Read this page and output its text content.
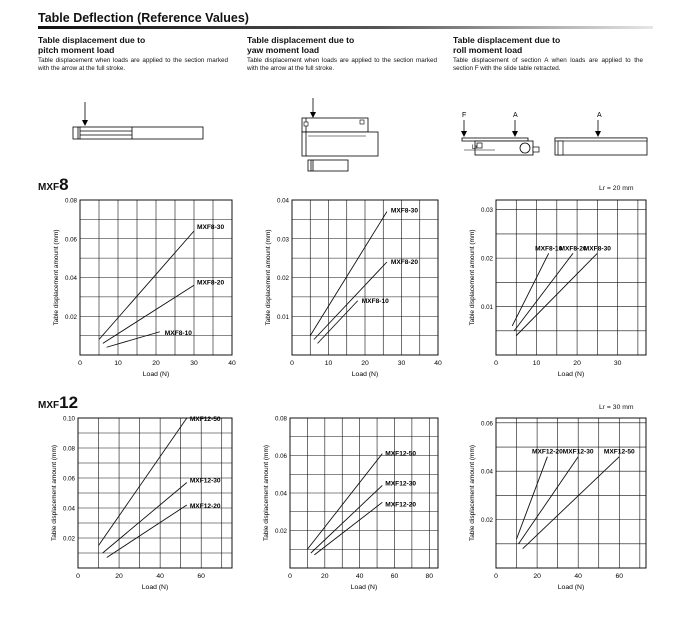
Table Deflection (Reference Values)
Table displacement due to
pitch moment load
Table displacement when loads are applied to the section marked with the arrow at the full stroke.
Table displacement due to
yaw moment load
Table displacement when loads are applied to the section marked with the arrow at the full stroke.
Table displacement due to
roll moment load
Table displacement of section A when loads are applied to the section F with the slide table retracted.
F	A	A
Lr
MXF8
MXF12
Lr = 20 mm
Lr = 30 mm
0	10	20	30	40
0.02
0.04
0.06
0.08
Load (N)
Table displacement amount (mm)
MXF8-30
MXF8-20
MXF8-10
0	10	20	30	40
0.01
0.02
0.03
0.04
Load (N)
Table displacement amount (mm)
MXF8-30
MXF8-20
MXF8-10
0	10	20	30
0.01
0.02
0.03
Load (N)
Table displacement amount (mm)	MXF8-10
MXF8-20
MXF8-30
0	20	40	60
0.02
0.04
0.06
0.08
0.10
Load (N)
Table displacement amount (mm)
MXF12-50
MXF12-30
MXF12-20
0	20	40	60	80
0.02
0.04
0.06
0.08
Load (N)
Table displacement amount (mm)	MXF12-50
MXF12-30
MXF12-20
0	20	40	60
0.02
0.04
0.06
Load (N)
Table displacement amount (mm)	MXF12-20 MXF12-30 MXF12-50
